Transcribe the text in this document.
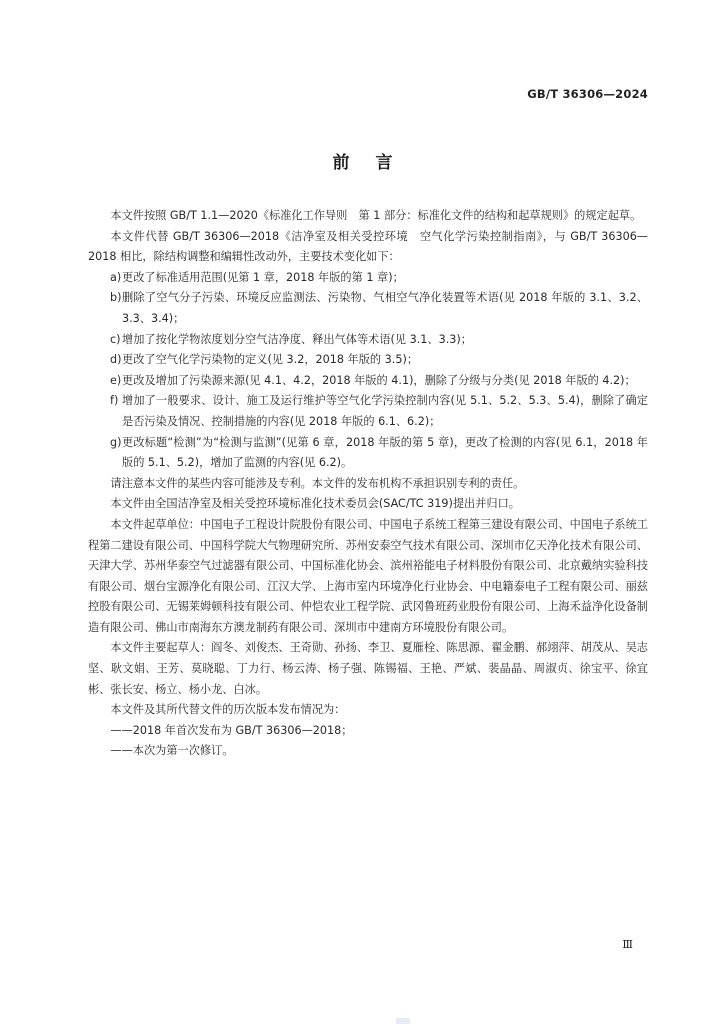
GB/T 36306—2024
前言

本文件按照 GB/T 1.1—2020《标准化工作导则　第 1 部分：标准化文件的结构和起草规则》的规定起草。

本文件代替 GB/T 36306—2018《洁净室及相关受控环境　空气化学污染控制指南》，与 GB/T 36306—2018 相比，除结构调整和编辑性改动外，主要技术变化如下：

a) 更改了标准适用范围(见第 1 章，2018 年版的第 1 章)；
b) 删除了空气分子污染、环境反应监测法、污染物、气相空气净化装置等术语(见 2018 年版的 3.1、3.2、3.3、3.4)；
c) 增加了按化学物浓度划分空气洁净度、释出气体等术语(见 3.1、3.3)；
d) 更改了空气化学污染物的定义(见 3.2，2018 年版的 3.5)；
e) 更改及增加了污染源来源(见 4.1、4.2，2018 年版的 4.1)，删除了分级与分类(见 2018 年版的 4.2)；
f) 增加了一般要求、设计、施工及运行维护等空气化学污染控制内容(见 5.1、5.2、5.3、5.4)，删除了确定是否污染及情况、控制措施的内容(见 2018 年版的 6.1、6.2)；
g) 更改标题“检测”为“检测与监测”(见第 6 章，2018 年版的第 5 章)，更改了检测的内容(见 6.1，2018 年版的 5.1、5.2)，增加了监测的内容(见 6.2)。

请注意本文件的某些内容可能涉及专利。本文件的发布机构不承担识别专利的责任。

本文件由全国洁净室及相关受控环境标准化技术委员会(SAC/TC 319)提出并归口。

本文件起草单位：中国电子工程设计院股份有限公司、中国电子系统工程第三建设有限公司、中国电子系统工程第二建设有限公司、中国科学院大气物理研究所、苏州安泰空气技术有限公司、深圳市亿天净化技术有限公司、天津大学、苏州华泰空气过滤器有限公司、中国标准化协会、滨州裕能电子材料股份有限公司、北京戴纳实验科技有限公司、烟台宝源净化有限公司、江汉大学、上海市室内环境净化行业协会、中电籍泰电子工程有限公司、丽兹控股有限公司、无锡莱姆顿科技有限公司、仲恺农业工程学院、武冈鲁班药业股份有限公司、上海禾益净化设备制造有限公司、佛山市南海东方澳龙制药有限公司、深圳市中建南方环境股份有限公司。

本文件主要起草人：阎冬、刘俊杰、王奇勋、孙扬、李卫、夏雁栓、陈思源、翟金鹏、郝翊萍、胡茂从、吴志坚、耿文娟、王芳、莫晓聪、丁力行、杨云涛、杨子强、陈锡福、王艳、严斌、裴晶晶、周淑贞、徐宝平、徐宜彬、张长安、杨立、杨小龙、白冰。

本文件及其所代替文件的历次版本发布情况为：

——2018 年首次发布为 GB/T 36306—2018；

——本次为第一次修订。

Ⅲ
